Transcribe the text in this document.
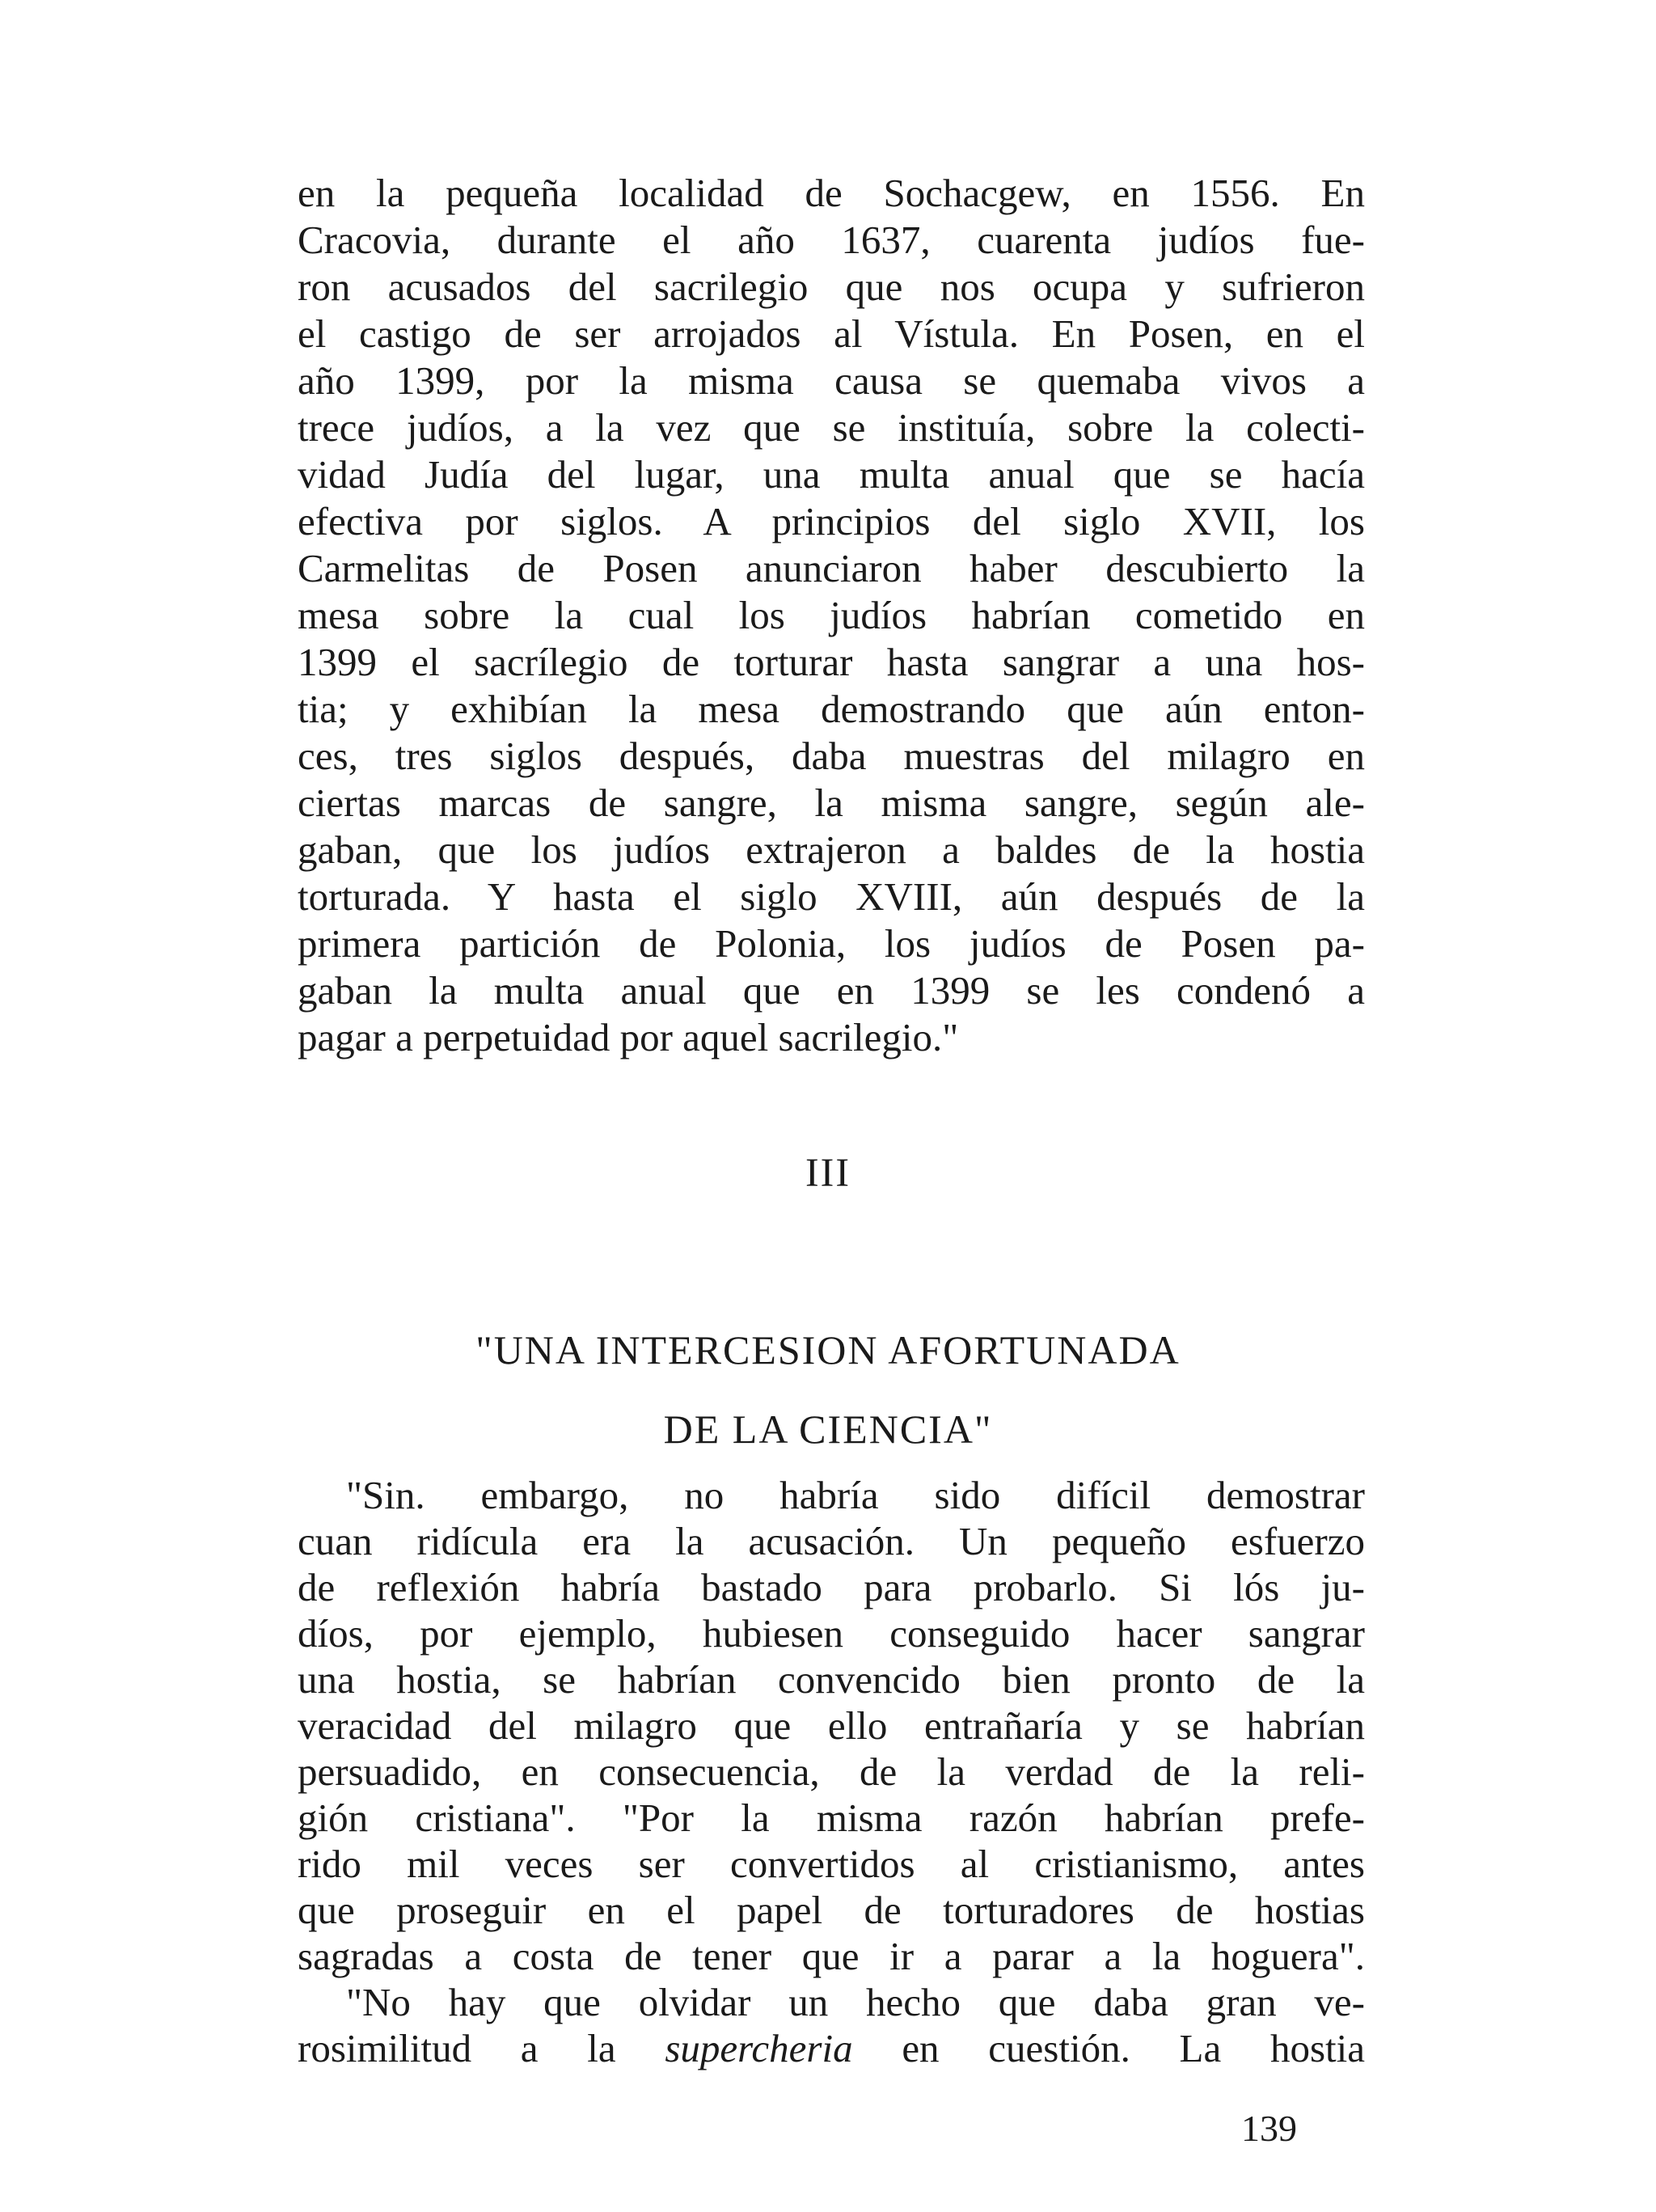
en la pequeña localidad de Sochacgew, en 1556. En
Cracovia, durante el año 1637, cuarenta judíos fue-
ron acusados del sacrilegio que nos ocupa y sufrieron
el castigo de ser arrojados al Vístula. En Posen, en el
año 1399, por la misma causa se quemaba vivos a
trece judíos, a la vez que se instituía, sobre la colecti-
vidad Judía del lugar, una multa anual que se hacía
efectiva por siglos. A principios del siglo XVII, los
Carmelitas de Posen anunciaron haber descubierto la
mesa sobre la cual los judíos habrían cometido en
1399 el sacrílegio de torturar hasta sangrar a una hos-
tia; y exhibían la mesa demostrando que aún enton-
ces, tres siglos después, daba muestras del milagro en
ciertas marcas de sangre, la misma sangre, según ale-
gaban, que los judíos extrajeron a baldes de la hostia
torturada. Y hasta el siglo XVIII, aún después de la
primera partición de Polonia, los judíos de Posen pa-
gaban la multa anual que en 1399 se les condenó a
pagar a perpetuidad por aquel sacrilegio."
III
"UNA INTERCESION AFORTUNADA
DE LA CIENCIA"
"Sin. embargo, no habría sido difícil demostrar
cuan ridícula era la acusación. Un pequeño esfuerzo
de reflexión habría bastado para probarlo. Si lós ju-
díos, por ejemplo, hubiesen conseguido hacer sangrar
una hostia, se habrían convencido bien pronto de la
veracidad del milagro que ello entrañaría y se habrían
persuadido, en consecuencia, de la verdad de la reli-
gión cristiana". "Por la misma razón habrían prefe-
rido mil veces ser convertidos al cristianismo, antes
que proseguir en el papel de torturadores de hostias
sagradas a costa de tener que ir a parar a la hoguera".
"No hay que olvidar un hecho que daba gran ve-
rosimilitud a la supercheria en cuestión. La hostia
139
